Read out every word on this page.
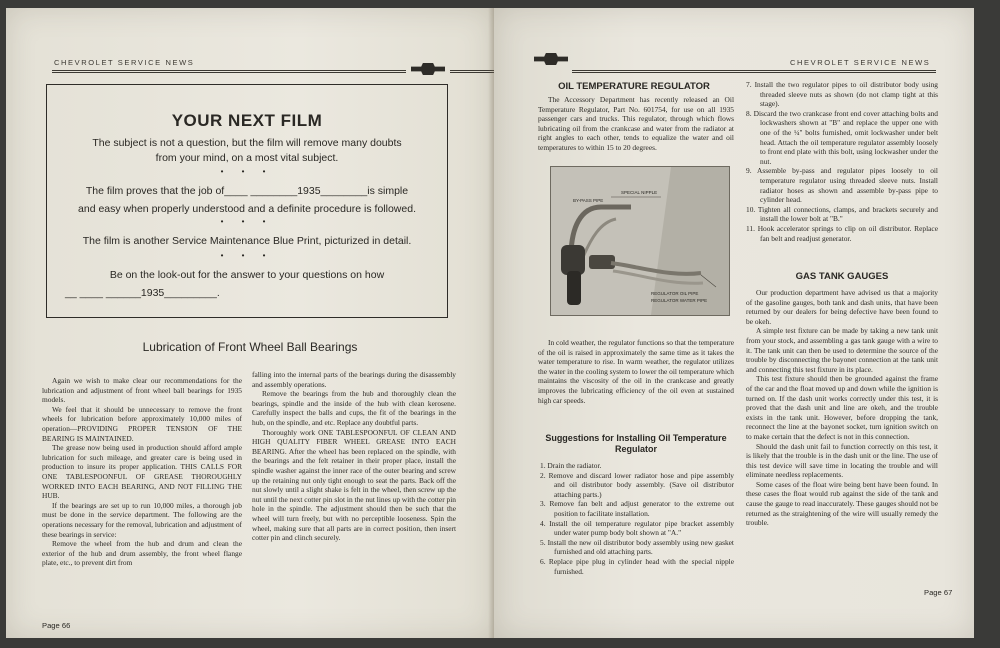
CHEVROLET SERVICE NEWS
YOUR NEXT FILM
The subject is not a question, but the film will remove many doubts
from your mind, on a most vital subject.
• • •
The film proves that the job of____ ________1935________is simple
and easy when properly understood and a definite procedure is followed.
• • •
The film is another Service Maintenance Blue Print, picturized in detail.
• • •
Be on the look-out for the answer to your questions on how
__ ____ ______1935_________.
Lubrication of Front Wheel Ball Bearings

Again we wish to make clear our recommendations for the lubrication and adjustment of front wheel ball bearings for 1935 models.

We feel that it should be unnecessary to remove the front wheels for lubrication before approximately 10,000 miles of operation—PROVIDING PROPER TENSION OF THE BEARING IS MAINTAINED.

The grease now being used in production should afford ample lubrication for such mileage, and greater care is being used in production to insure its proper application. THIS CALLS FOR ONE TABLESPOONFUL OF GREASE THOROUGHLY WORKED INTO EACH BEARING, AND NOT FILLING THE HUB.

If the bearings are set up to run 10,000 miles, a thorough job must be done in the service department. The following are the operations necessary for the removal, lubrication and adjustment of these bearings in service:

Remove the wheel from the hub and drum and clean the exterior of the hub and drum assembly, the front wheel flange plate, etc., to prevent dirt from

falling into the internal parts of the bearings during the disassembly and assembly operations.

Remove the bearings from the hub and thoroughly clean the bearings, spindle and the inside of the hub with clean kerosene. Carefully inspect the balls and cups, the fit of the bearings in the hub, on the spindle, and etc. Replace any doubtful parts.

Thoroughly work ONE TABLESPOONFUL OF CLEAN AND HIGH QUALITY FIBER WHEEL GREASE INTO EACH BEARING. After the wheel has been replaced on the spindle, with the bearings and the felt retainer in their proper place, install the spindle washer against the inner race of the outer bearing and screw up the retaining nut only tight enough to seat the parts. Back off the nut slowly until a slight shake is felt in the wheel, then screw up the nut until the next cotter pin slot in the nut lines up with the cotter pin hole in the spindle. The adjustment should then be such that the wheel will turn freely, but with no perceptible looseness. Spin the wheel, making sure that all parts are in correct position, then insert cotter pin and clinch securely.

Page 66
CHEVROLET SERVICE NEWS
OIL TEMPERATURE REGULATOR

The Accessory Department has recently released an Oil Temperature Regulator, Part No. 601754, for use on all 1935 passenger cars and trucks. This regulator, through which flows lubricating oil from the crankcase and water from the radiator at right angles to each other, tends to equalize the water and oil temperatures to within 15 to 20 degrees.

SPECIAL NIPPLE
BY-PASS PIPE
REGULATOR OIL PIPE
REGULATOR WATER PIPE

In cold weather, the regulator functions so that the temperature of the oil is raised in approximately the same time as it takes the water temperature to rise. In warm weather, the regulator utilizes the water in the cooling system to lower the oil temperature which maintains the viscosity of the oil in the crankcase and greatly improves the lubricating efficiency of the oil even at sustained high car speeds.

Suggestions for Installing Oil Temperature Regulator
1. Drain the radiator.
2. Remove and discard lower radiator hose and pipe assembly and oil distributor body assembly. (Save oil distributor attaching parts.)
3. Remove fan belt and adjust generator to the extreme out position to facilitate installation.
4. Install the oil temperature regulator pipe bracket assembly under water pump body bolt shown at "A."
5. Install the new oil distributor body assembly using new gasket furnished and old attaching parts.
6. Replace pipe plug in cylinder head with the special nipple furnished.
7. Install the two regulator pipes to oil distributor body using threaded sleeve nuts as shown (do not clamp tight at this stage).
8. Discard the two crankcase front end cover attaching bolts and lockwashers shown at "B" and replace the upper one with one of the ¼" bolts furnished, omit lockwasher under belt head. Attach the oil temperature regulator assembly loosely to front end plate with this bolt, using lockwasher under the nut.
9. Assemble by-pass and regulator pipes loosely to oil temperature regulator using threaded sleeve nuts. Install radiator hoses as shown and assemble by-pass pipe to cylinder head.
10. Tighten all connections, clamps, and brackets securely and install the lower bolt at "B."
11. Hook accelerator springs to clip on oil distributor. Replace fan belt and readjust generator.
GAS TANK GAUGES

Our production department have advised us that a majority of the gasoline gauges, both tank and dash units, that have been returned by our dealers for being defective have been found to be okeh.

A simple test fixture can be made by taking a new tank unit from your stock, and assembling a gas tank gauge with a wire to it. The tank unit can then be used to determine the source of the trouble by disconnecting the bayonet connection at the tank unit and connecting this test fixture in its place.

This test fixture should then be grounded against the frame of the car and the float moved up and down while the ignition is turned on. If the dash unit works correctly under this test, it is proved that the dash unit and line are okeh, and the trouble exists in the tank unit. However, before dropping the tank, reconnect the line at the bayonet socket, turn ignition switch on to make certain that the defect is not in this connection.

Should the dash unit fail to function correctly on this test, it is likely that the trouble is in the dash unit or the line. The use of this test device will save time in locating the trouble and will eliminate needless replacements.

Some cases of the float wire being bent have been found. In these cases the float would rub against the side of the tank and cause the gauge to read inaccurately. These gauges should not be returned as the straightening of the wire will usually remedy the trouble.

Page 67
